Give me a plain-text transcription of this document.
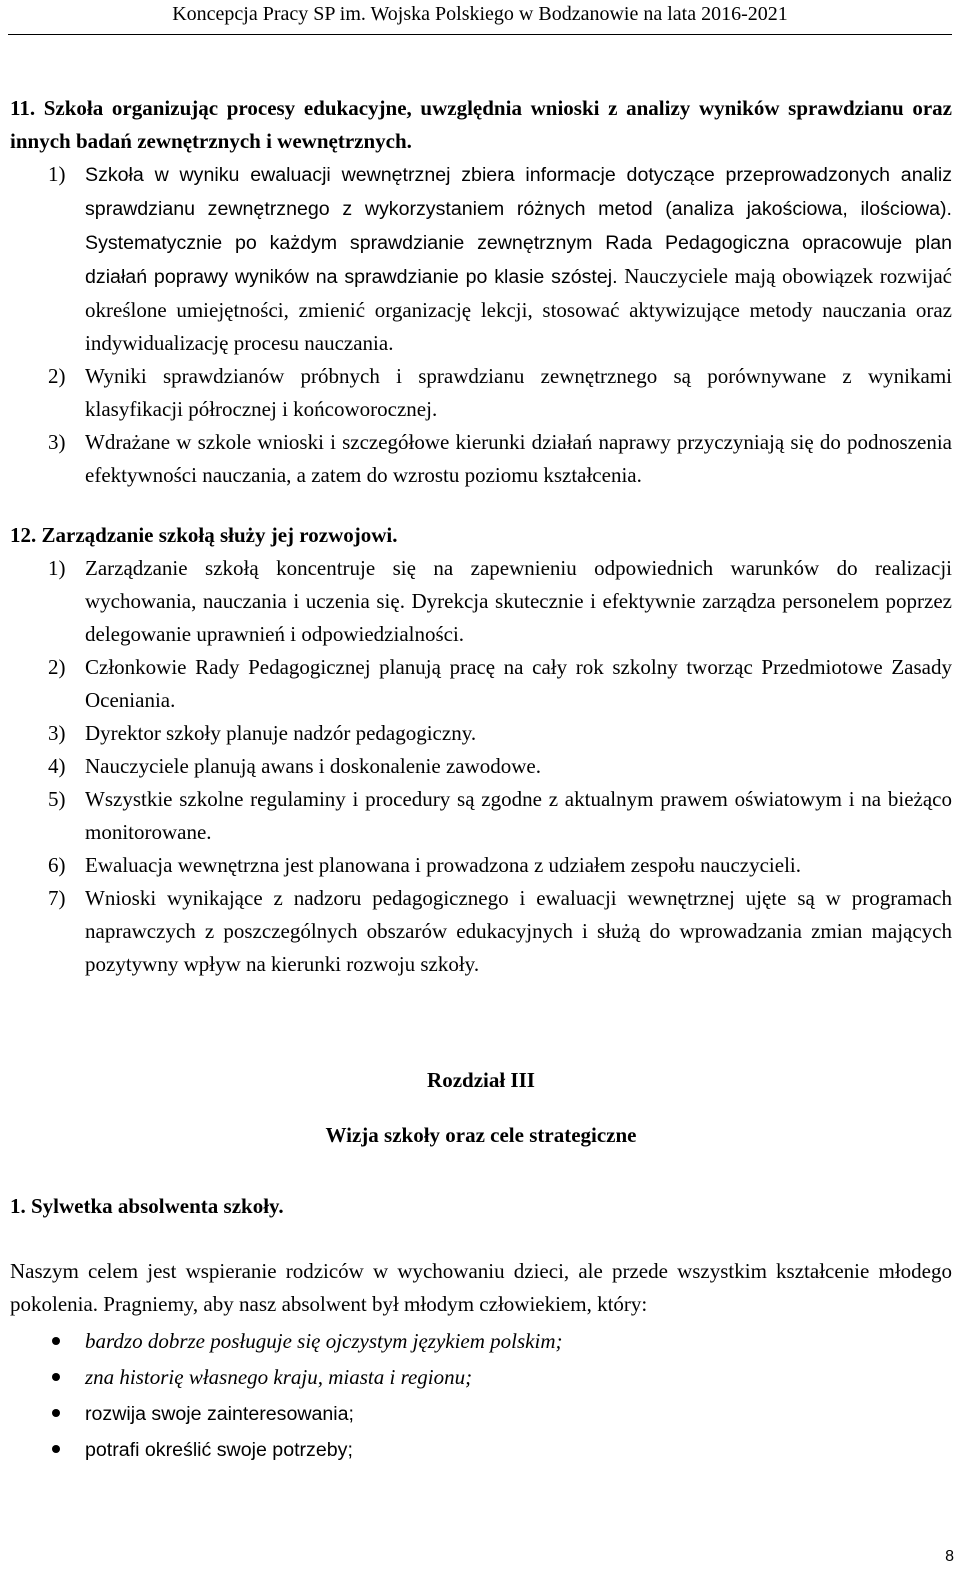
Koncepcja Pracy SP im. Wojska Polskiego w Bodzanowie na lata 2016-2021
11. Szkoła organizując procesy edukacyjne, uwzględnia wnioski z analizy wyników sprawdzianu oraz innych badań zewnętrznych i wewnętrznych.
1) Szkoła w wyniku ewaluacji wewnętrznej zbiera informacje dotyczące przeprowadzonych analiz sprawdzianu zewnętrznego z wykorzystaniem różnych metod (analiza jakościowa, ilościowa). Systematycznie po każdym sprawdzianie zewnętrznym Rada Pedagogiczna opracowuje plan działań poprawy wyników na sprawdzianie po klasie szóstej. Nauczyciele mają obowiązek rozwijać określone umiejętności, zmienić organizację lekcji, stosować aktywizujące metody nauczania oraz indywidualizację procesu nauczania.
2) Wyniki sprawdzianów próbnych i sprawdzianu zewnętrznego są porównywane z wynikami klasyfikacji półrocznej i końcoworocznej.
3) Wdrażane w szkole wnioski i szczegółowe kierunki działań naprawy przyczyniają się do podnoszenia efektywności nauczania, a zatem do wzrostu poziomu kształcenia.
12. Zarządzanie szkołą służy jej rozwojowi.
1) Zarządzanie szkołą koncentruje się na zapewnieniu odpowiednich warunków do realizacji wychowania, nauczania i uczenia się. Dyrekcja skutecznie i efektywnie zarządza personelem poprzez delegowanie uprawnień i odpowiedzialności.
2) Członkowie Rady Pedagogicznej planują pracę na cały rok szkolny tworząc Przedmiotowe Zasady Oceniania.
3) Dyrektor szkoły planuje nadzór pedagogiczny.
4) Nauczyciele planują awans i doskonalenie zawodowe.
5) Wszystkie szkolne regulaminy i procedury są zgodne z aktualnym prawem oświatowym i na bieżąco monitorowane.
6) Ewaluacja wewnętrzna jest planowana i prowadzona z udziałem zespołu nauczycieli.
7) Wnioski wynikające z nadzoru pedagogicznego i ewaluacji wewnętrznej ujęte są w programach naprawczych z poszczególnych obszarów edukacyjnych i służą do wprowadzania zmian mających pozytywny wpływ na kierunki rozwoju szkoły.
Rozdział III
Wizja szkoły oraz cele strategiczne
1. Sylwetka absolwenta szkoły.
Naszym celem jest wspieranie rodziców w wychowaniu dzieci, ale przede wszystkim kształcenie młodego pokolenia. Pragniemy, aby nasz absolwent był młodym człowiekiem, który:
bardzo dobrze posługuje się ojczystym językiem polskim;
zna historię własnego kraju, miasta i regionu;
rozwija swoje zainteresowania;
potrafi określić swoje potrzeby;
8
